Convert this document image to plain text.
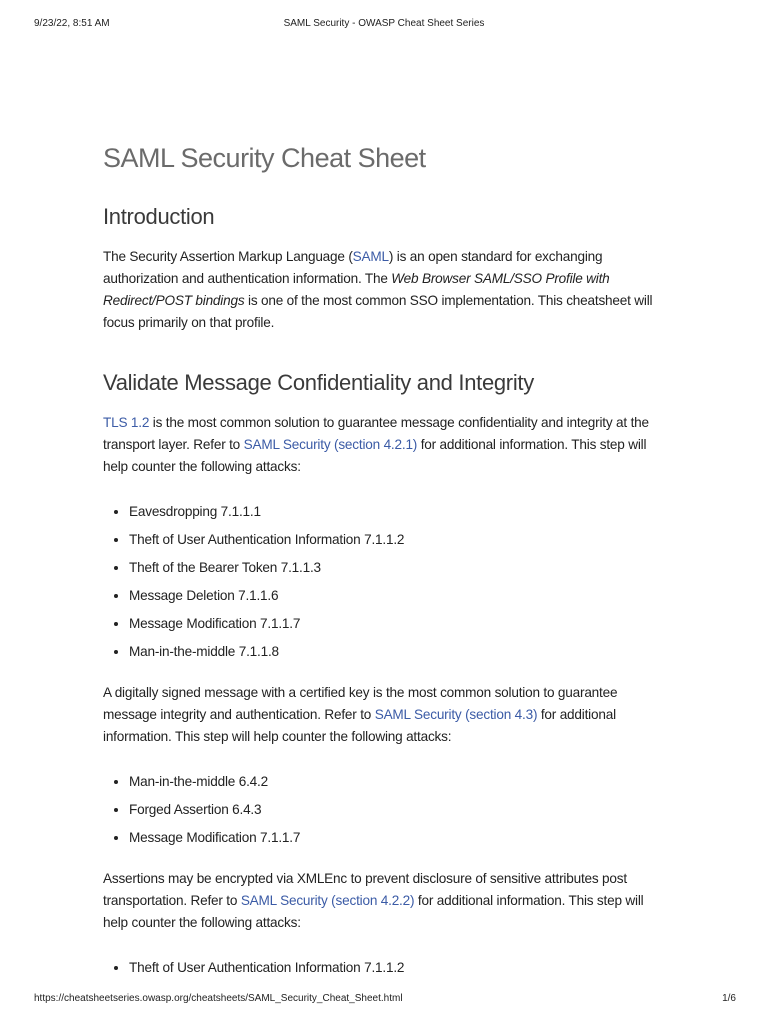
9/23/22, 8:51 AM	SAML Security - OWASP Cheat Sheet Series
SAML Security Cheat Sheet
Introduction

The Security Assertion Markup Language (SAML) is an open standard for exchanging authorization and authentication information. The Web Browser SAML/SSO Profile with Redirect/POST bindings is one of the most common SSO implementation. This cheatsheet will focus primarily on that profile.

Validate Message Confidentiality and Integrity

TLS 1.2 is the most common solution to guarantee message confidentiality and integrity at the transport layer. Refer to SAML Security (section 4.2.1) for additional information. This step will help counter the following attacks:

• Eavesdropping 7.1.1.1
• Theft of User Authentication Information 7.1.1.2
• Theft of the Bearer Token 7.1.1.3
• Message Deletion 7.1.1.6
• Message Modification 7.1.1.7
• Man-in-the-middle 7.1.1.8

A digitally signed message with a certified key is the most common solution to guarantee message integrity and authentication. Refer to SAML Security (section 4.3) for additional information. This step will help counter the following attacks:

• Man-in-the-middle 6.4.2
• Forged Assertion 6.4.3
• Message Modification 7.1.1.7

Assertions may be encrypted via XMLEnc to prevent disclosure of sensitive attributes post transportation. Refer to SAML Security (section 4.2.2) for additional information. This step will help counter the following attacks:

• Theft of User Authentication Information 7.1.1.2
https://cheatsheetseries.owasp.org/cheatsheets/SAML_Security_Cheat_Sheet.html	1/6
